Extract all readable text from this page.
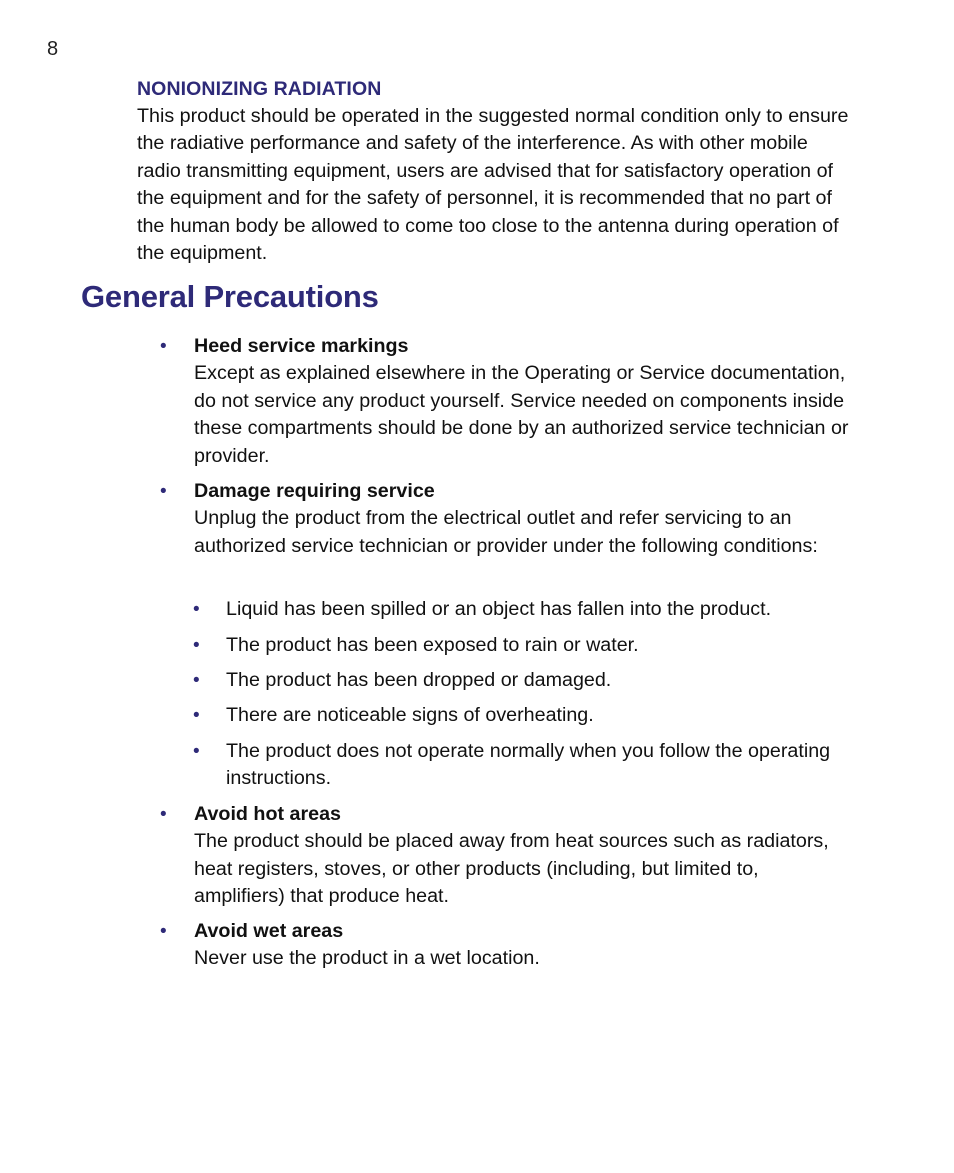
8
NONIONIZING RADIATION
This product should be operated in the suggested normal condition only to ensure the radiative performance and safety of the interference. As with other mobile radio transmitting equipment, users are advised that for satisfactory operation of the equipment and for the safety of personnel, it is recommended that no part of the human body be allowed to come too close to the antenna during operation of the equipment.
General Precautions
• Heed service markings
Except as explained elsewhere in the Operating or Service documentation, do not service any product yourself. Service needed on components inside these compartments should be done by an authorized service technician or provider.
• Damage requiring service
Unplug the product from the electrical outlet and refer servicing to an authorized service technician or provider under the following conditions:
• Liquid has been spilled or an object has fallen into the product.
• The product has been exposed to rain or water.
• The product has been dropped or damaged.
• There are noticeable signs of overheating.
• The product does not operate normally when you follow the operating instructions.
• Avoid hot areas
The product should be placed away from heat sources such as radiators, heat registers, stoves, or other products (including, but limited to, amplifiers) that produce heat.
• Avoid wet areas
Never use the product in a wet location.
